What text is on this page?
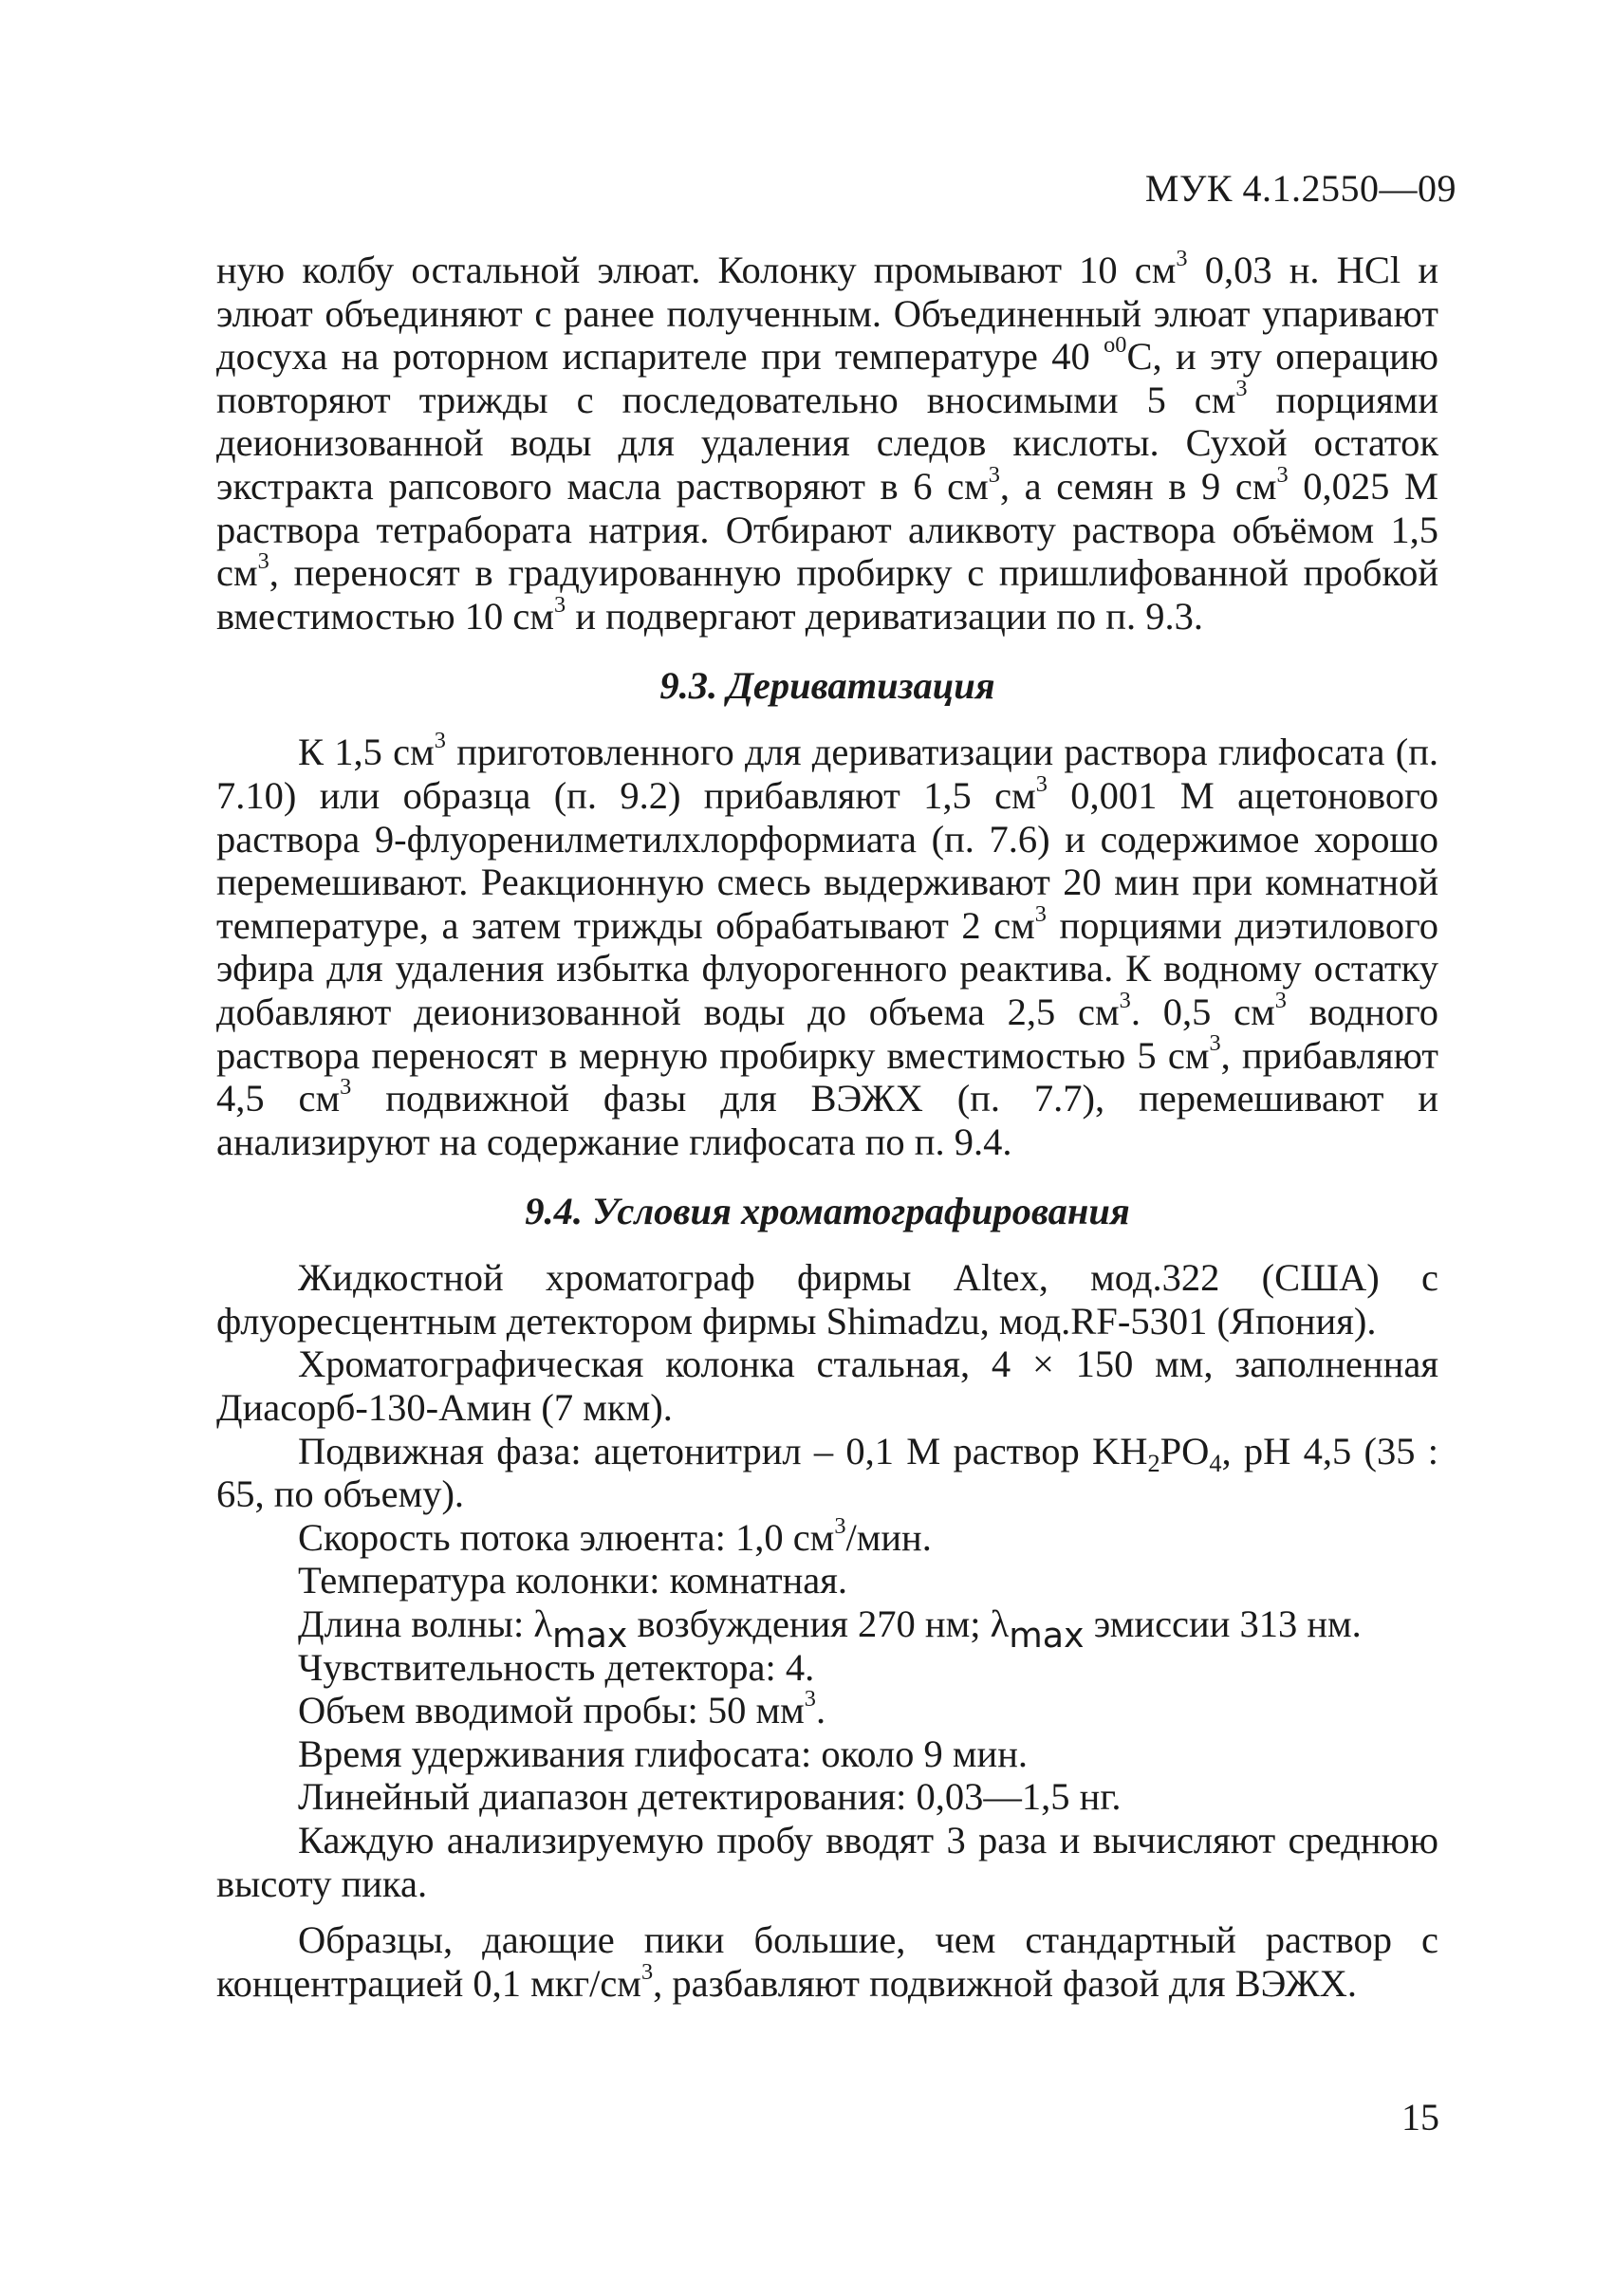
МУК 4.1.2550—09

ную колбу остальной элюат. Колонку промывают 10 $см^3$ 0,03 н. HCl и элюат объединяют с ранее полученным. Объединенный элюат упаривают досуха на роторном испарителе при температуре 40 $^{о0}$С, и эту операцию повторяют трижды с последовательно вносимыми 5 $см^3$ порциями деионизованной воды для удаления следов кислоты. Сухой остаток экстракта рапсового масла растворяют в 6 $см^3$, а семян в 9 $см^3$ 0,025 М раствора тетрабората натрия. Отбирают аликвоту раствора объёмом 1,5 $см^3$, переносят в градуированную пробирку с пришлифованной пробкой вместимостью 10 $см^3$ и подвергают дериватизации по п. 9.3.

9.3. Дериватизация

К 1,5 $см^3$ приготовленного для дериватизации раствора глифосата (п. 7.10) или образца (п. 9.2) прибавляют 1,5 $см^3$ 0,001 М ацетонового раствора 9-флуоренилметилхлорформиата (п. 7.6) и содержимое хорошо перемешивают. Реакционную смесь выдерживают 20 мин при комнатной температуре, а затем трижды обрабатывают 2 $см^3$ порциями диэтилового эфира для удаления избытка флуорогенного реактива. К водному остатку добавляют деионизованной воды до объема 2,5 $см^3$. 0,5 $см^3$ водного раствора переносят в мерную пробирку вместимостью 5 $см^3$, прибавляют 4,5 $см^3$ подвижной фазы для ВЭЖХ (п. 7.7), перемешивают и анализируют на содержание глифосата по п. 9.4.

9.4. Условия хроматографирования

Жидкостной хроматограф фирмы Altex, мод.322 (США) с флуоресцентным детектором фирмы Shimadzu, мод.RF-5301 (Япония).

Хроматографическая колонка стальная, 4 × 150 мм, заполненная Диасорб-130-Амин (7 мкм).

Подвижная фаза: ацетонитрил – 0,1 М раствор $KH_2PO_4$, pH 4,5 (35 : 65, по объему).

Скорость потока элюента: 1,0 $см^3$/мин.

Температура колонки: комнатная.

Длина волны: $\lambda_{max}$ возбуждения 270 нм; $\lambda_{max}$ эмиссии 313 нм.

Чувствительность детектора: 4.

Объем вводимой пробы: 50 $мм^3$.

Время удерживания глифосата: около 9 мин.

Линейный диапазон детектирования: 0,03—1,5 нг.

Каждую анализируемую пробу вводят 3 раза и вычисляют среднюю высоту пика.

Образцы, дающие пики большие, чем стандартный раствор с концентрацией 0,1 мкг/$см^3$, разбавляют подвижной фазой для ВЭЖХ.

15
